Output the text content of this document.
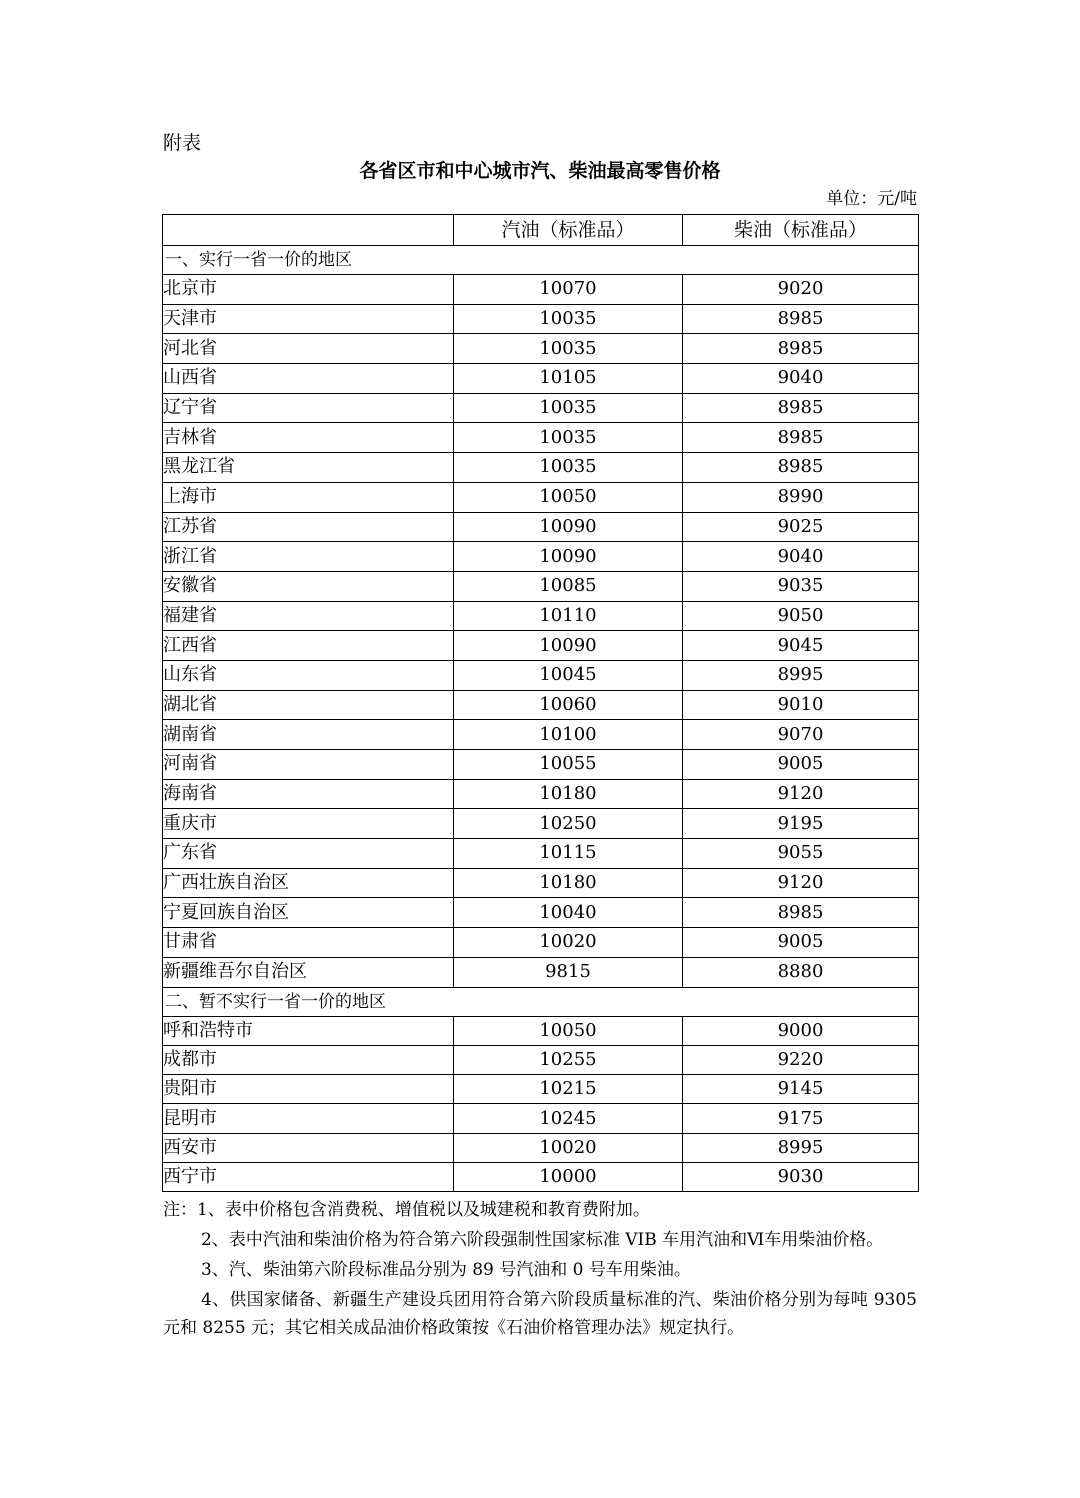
附表
各省区市和中心城市汽、柴油最高零售价格
单位：元/吨
	汽油（标准品）	柴油（标准品）
一、实行一省一价的地区		
北京市	10070	9020
天津市	10035	8985
河北省	10035	8985
山西省	10105	9040
辽宁省	10035	8985
吉林省	10035	8985
黑龙江省	10035	8985
上海市	10050	8990
江苏省	10090	9025
浙江省	10090	9040
安徽省	10085	9035
福建省	10110	9050
江西省	10090	9045
山东省	10045	8995
湖北省	10060	9010
湖南省	10100	9070
河南省	10055	9005
海南省	10180	9120
重庆市	10250	9195
广东省	10115	9055
广西壮族自治区	10180	9120
宁夏回族自治区	10040	8985
甘肃省	10020	9005
新疆维吾尔自治区	9815	8880
二、暂不实行一省一价的地区		
呼和浩特市	10050	9000
成都市	10255	9220
贵阳市	10215	9145
昆明市	10245	9175
西安市	10020	8995
西宁市	10000	9030

注：1、表中价格包含消费税、增值税以及城建税和教育费附加。

2、表中汽油和柴油价格为符合第六阶段强制性国家标准 VIB 车用汽油和Ⅵ车用柴油价格。

3、汽、柴油第六阶段标准品分别为 89 号汽油和 0 号车用柴油。

4、供国家储备、新疆生产建设兵团用符合第六阶段质量标准的汽、柴油价格分别为每吨 9305 元和 8255 元；其它相关成品油价格政策按《石油价格管理办法》规定执行。
